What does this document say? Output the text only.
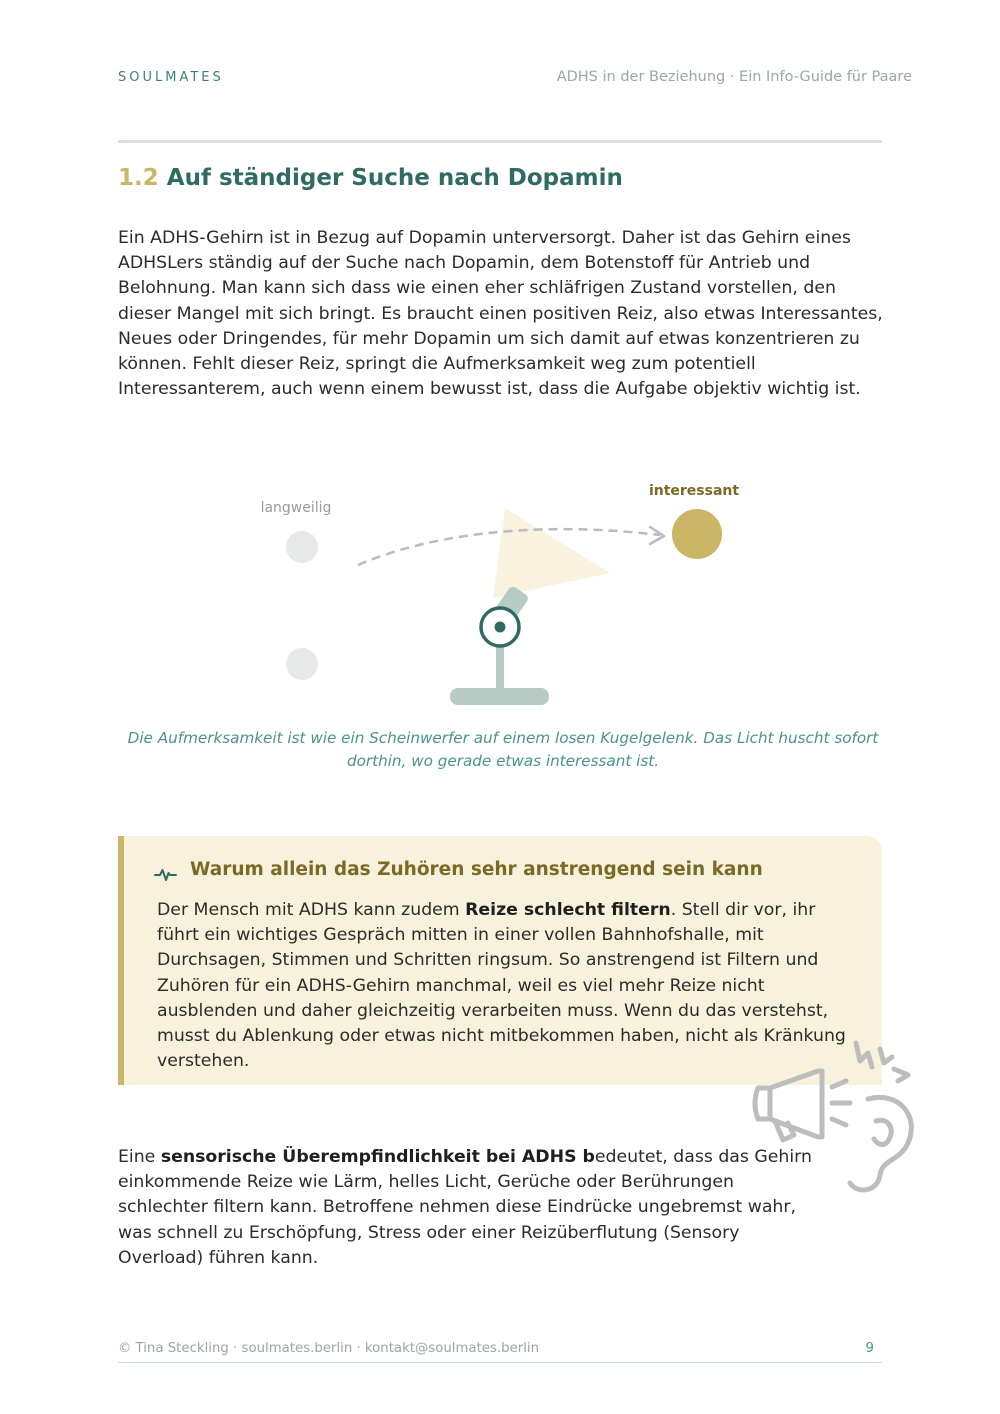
SOULMATES	ADHS in der Beziehung · Ein Info-Guide für Paare
1.2 Auf ständiger Suche nach Dopamin
Ein ADHS-Gehirn ist in Bezug auf Dopamin unterversorgt. Daher ist das Gehirn eines ADHSLers ständig auf der Suche nach Dopamin, dem Botenstoff für Antrieb und Belohnung. Man kann sich dass wie einen eher schläfrigen Zustand vorstellen, den dieser Mangel mit sich bringt. Es braucht einen positiven Reiz, also etwas Interessantes, Neues oder Dringendes, für mehr Dopamin um sich damit auf etwas konzentrieren zu können. Fehlt dieser Reiz, springt die Aufmerksamkeit weg zum potentiell Interessanterem, auch wenn einem bewusst ist, dass die Aufgabe objektiv wichtig ist.
langweilig
interessant
Die Aufmerksamkeit ist wie ein Scheinwerfer auf einem losen Kugelgelenk. Das Licht huscht sofort dorthin, wo gerade etwas interessant ist.
Warum allein das Zuhören sehr anstrengend sein kann
Der Mensch mit ADHS kann zudem Reize schlecht filtern. Stell dir vor, ihr führt ein wichtiges Gespräch mitten in einer vollen Bahnhofshalle, mit Durchsagen, Stimmen und Schritten ringsum. So anstrengend ist Filtern und Zuhören für ein ADHS-Gehirn manchmal, weil es viel mehr Reize nicht ausblenden und daher gleichzeitig verarbeiten muss. Wenn du das verstehst, musst du Ablenkung oder etwas nicht mitbekommen haben, nicht als Kränkung verstehen.
Eine sensorische Überempfindlichkeit bei ADHS bedeutet, dass das Gehirn einkommende Reize wie Lärm, helles Licht, Gerüche oder Berührungen schlechter filtern kann. Betroffene nehmen diese Eindrücke ungebremst wahr, was schnell zu Erschöpfung, Stress oder einer Reizüberflutung (Sensory Overload) führen kann.
© Tina Steckling · soulmates.berlin · kontakt@soulmates.berlin	9
